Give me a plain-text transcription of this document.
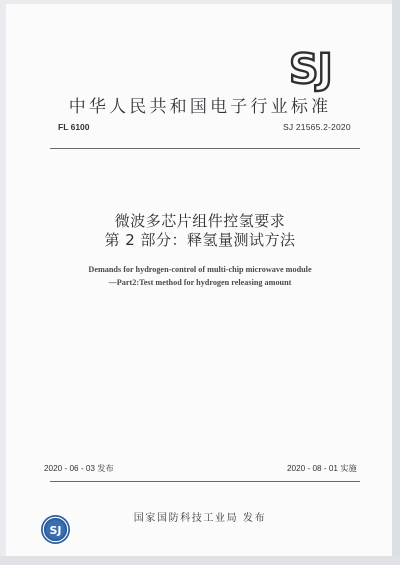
SJ
中华人民共和国电子行业标准
FL 6100	SJ 21565.2-2020
微波多芯片组件控氢要求
第 2 部分：释氢量测试方法
Demands for hydrogen-control of multi-chip microwave module
—Part2:Test method for hydrogen releasing amount
2020 - 06 - 03 发布	2020 - 08 - 01 实施
SJ
国家国防科技工业局 发布
